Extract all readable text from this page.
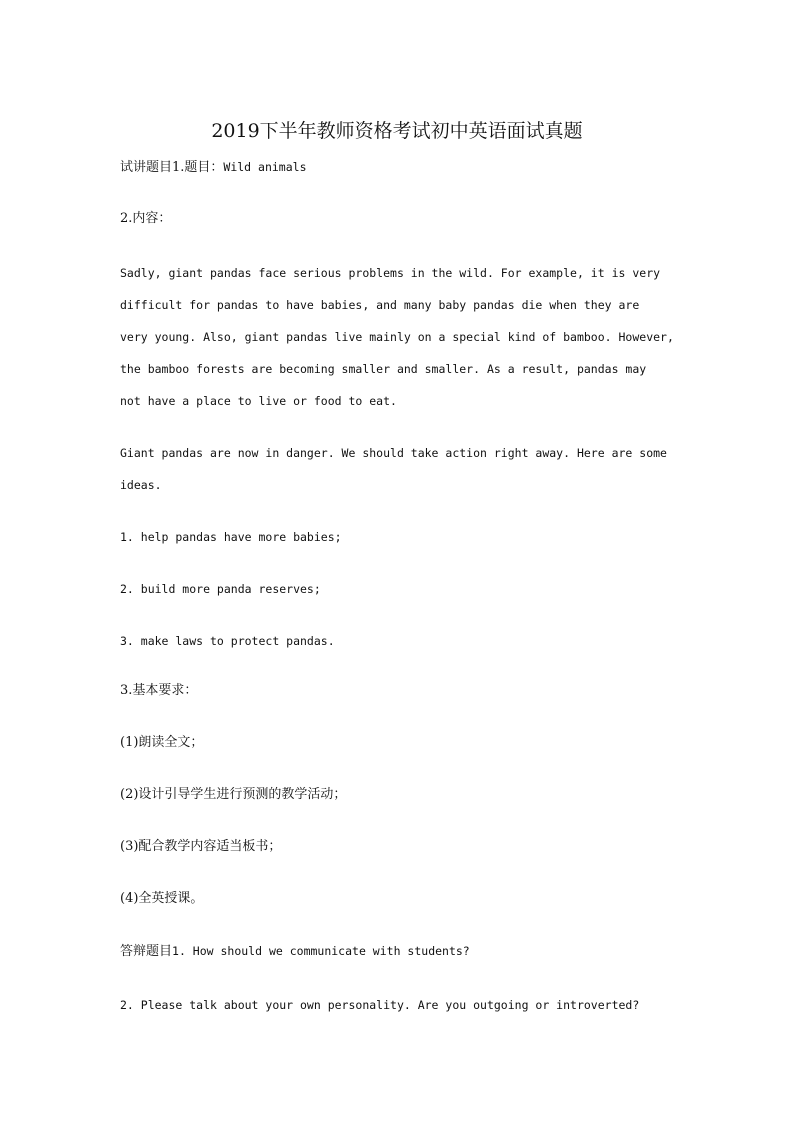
2019下半年教师资格考试初中英语面试真题
试讲题目1.题目：Wild animals
2.内容：
Sadly, giant pandas face serious problems in the wild. For example, it is very
difficult for pandas to have babies, and many baby pandas die when they are
very young. Also, giant pandas live mainly on a special kind of bamboo. However,
the bamboo forests are becoming smaller and smaller. As a result, pandas may
not have a place to live or food to eat.
Giant pandas are now in danger. We should take action right away. Here are some
ideas.
1. help pandas have more babies;
2. build more panda reserves;
3. make laws to protect pandas.
3.基本要求：
(1)朗读全文；
(2)设计引导学生进行预测的教学活动；
(3)配合教学内容适当板书；
(4)全英授课。
答辩题目1. How should we communicate with students?
2. Please talk about your own personality. Are you outgoing or introverted?
